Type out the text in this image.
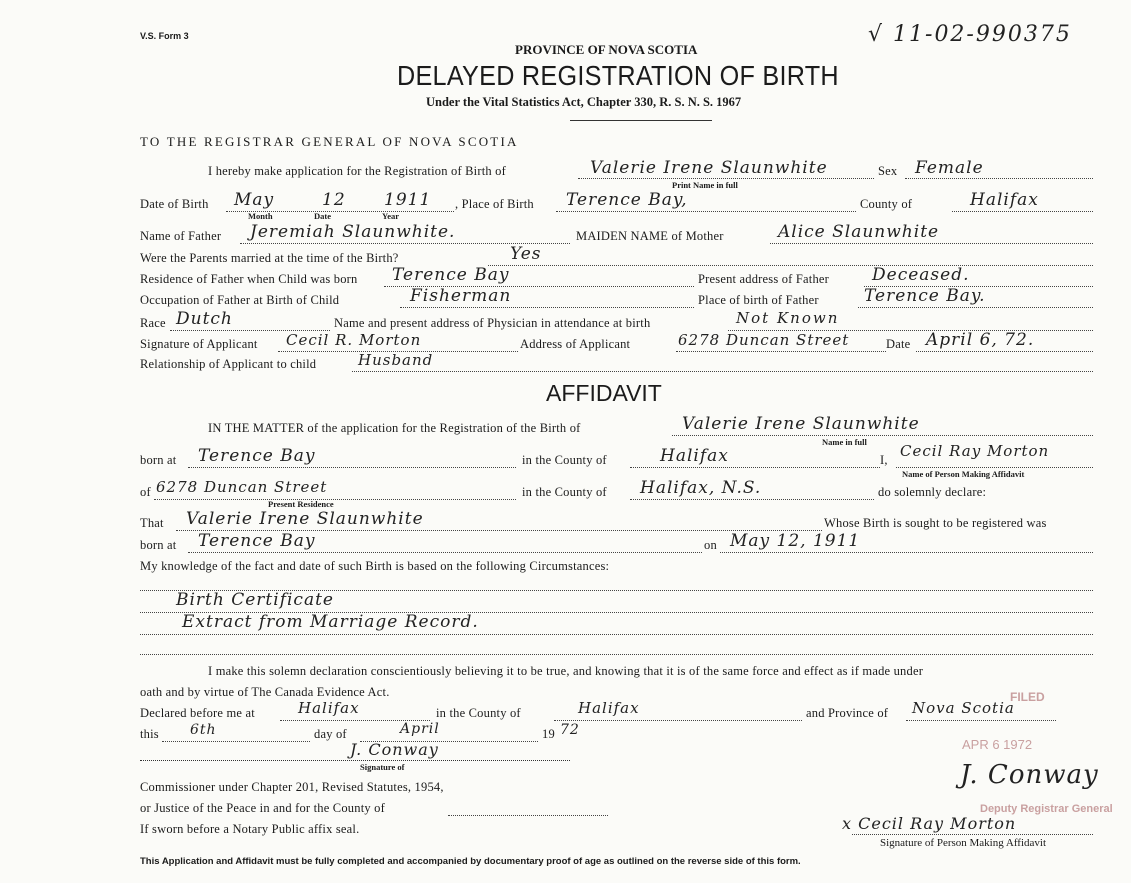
V.S. Form 3	√ 11-02-990375
PROVINCE OF NOVA SCOTIA
DELAYED REGISTRATION OF BIRTH
Under the Vital Statistics Act, Chapter 330, R. S. N. S. 1967
TO THE REGISTRAR GENERAL OF NOVA SCOTIA
I hereby make application for the Registration of Birth of	Valerie Irene Slaunwhite
Print Name in full
Sex Female
Date of Birth May	12 1911
Month	Date	Year
, Place of Birth Terence Bay,	County of	Halifax
Name of Father Jeremiah Slaunwhite.	MAIDEN NAME of Mother	Alice Slaunwhite
Were the Parents married at the time of the Birth?	Yes
Residence of Father when Child was born Terence Bay	Present address of Father	Deceased.
Occupation of Father at Birth of Child	Fisherman	Place of birth of Father	Terence Bay.
Race Dutch	Name and present address of Physician in attendance at birth	Not Known
Signature of Applicant Cecil R. Morton	Address of Applicant	6278 Duncan Street	Date April 6, 72.
Relationship of Applicant to child	Husband
AFFIDAVIT
IN THE MATTER of the application for the Registration of the Birth of	Valerie Irene Slaunwhite
Name in full
born at Terence Bay	in the County of	Halifax	I, Cecil Ray Morton
Name of Person Making Affidavit
of 6278 Duncan Street
Present Residence
in the County of Halifax, N.S.	do solemnly declare:
That Valerie Irene Slaunwhite	Whose Birth is sought to be registered was
born at Terence Bay	on May 12, 1911
My knowledge of the fact and date of such Birth is based on the following Circumstances:
Birth Certificate
Extract from Marriage Record.
I make this solemn declaration conscientiously believing it to be true, and knowing that it is of the same force and effect as if made under
oath and by virtue of The Canada Evidence Act.
Declared before me at	Halifax	in the County of	Halifax	and Province of Nova Scotia
this 6th	day of	April	19 72
J. Conway
Signature of
Commissioner under Chapter 201, Revised Statutes, 1954,
or Justice of the Peace in and for the County of
If sworn before a Notary Public affix seal.
APR 6 1972
FILED
Deputy Registrar General
J. Conway
x Cecil Ray Morton
Signature of Person Making Affidavit
This Application and Affidavit must be fully completed and accompanied by documentary proof of age as outlined on the reverse side of this form.
